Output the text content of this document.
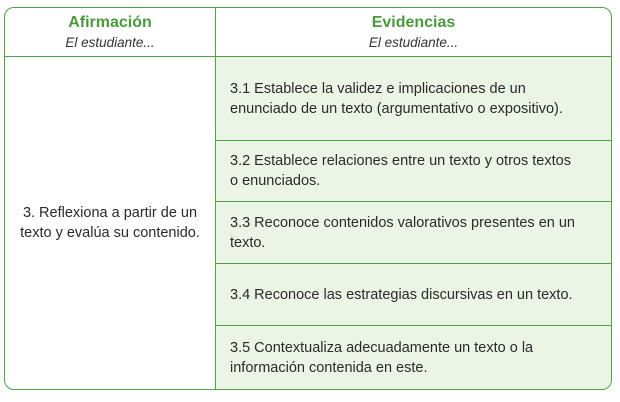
Afirmación
El estudiante...
Evidencias
El estudiante...
3. Reflexiona a partir de un texto y evalúa su contenido.
3.1 Establece la validez e implicaciones de un enunciado de un texto (argumentativo o expositivo).
3.2 Establece relaciones entre un texto y otros textos o enunciados.
3.3 Reconoce contenidos valorativos presentes en un texto.
3.4 Reconoce las estrategias discursivas en un texto.
3.5 Contextualiza adecuadamente un texto o la información contenida en este.
